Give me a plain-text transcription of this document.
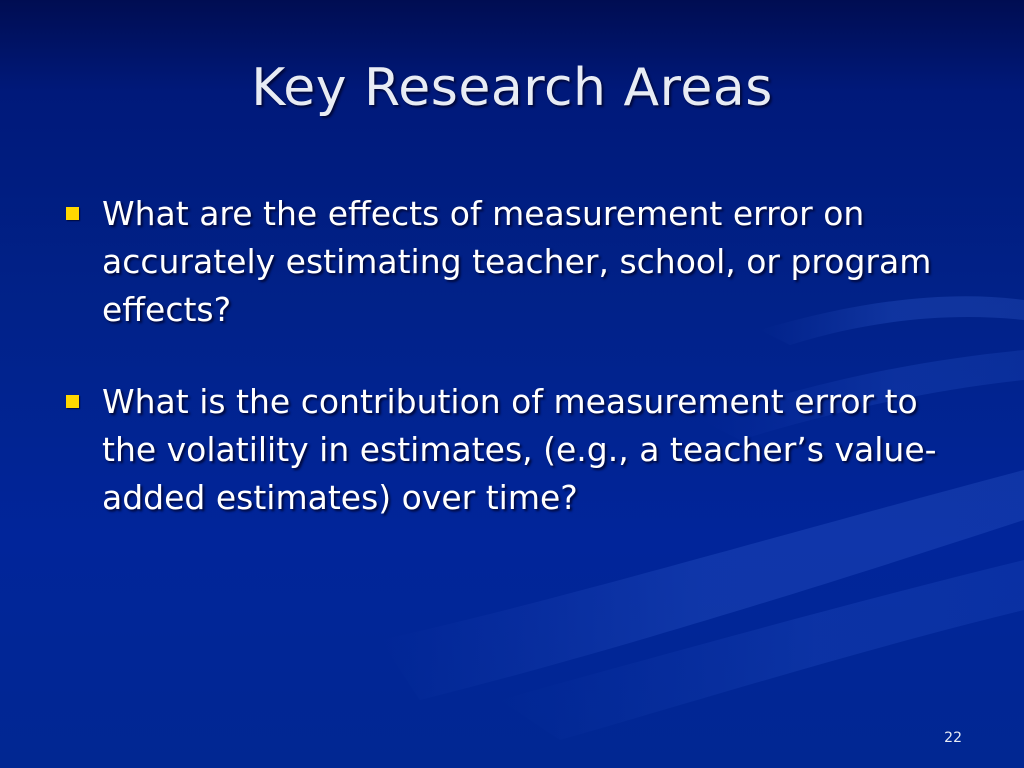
Key Research Areas
What are the effects of measurement error on accurately estimating teacher, school, or program effects?
What is the contribution of measurement error to the volatility in estimates, (e.g., a teacher’s value-added estimates) over time?
22
